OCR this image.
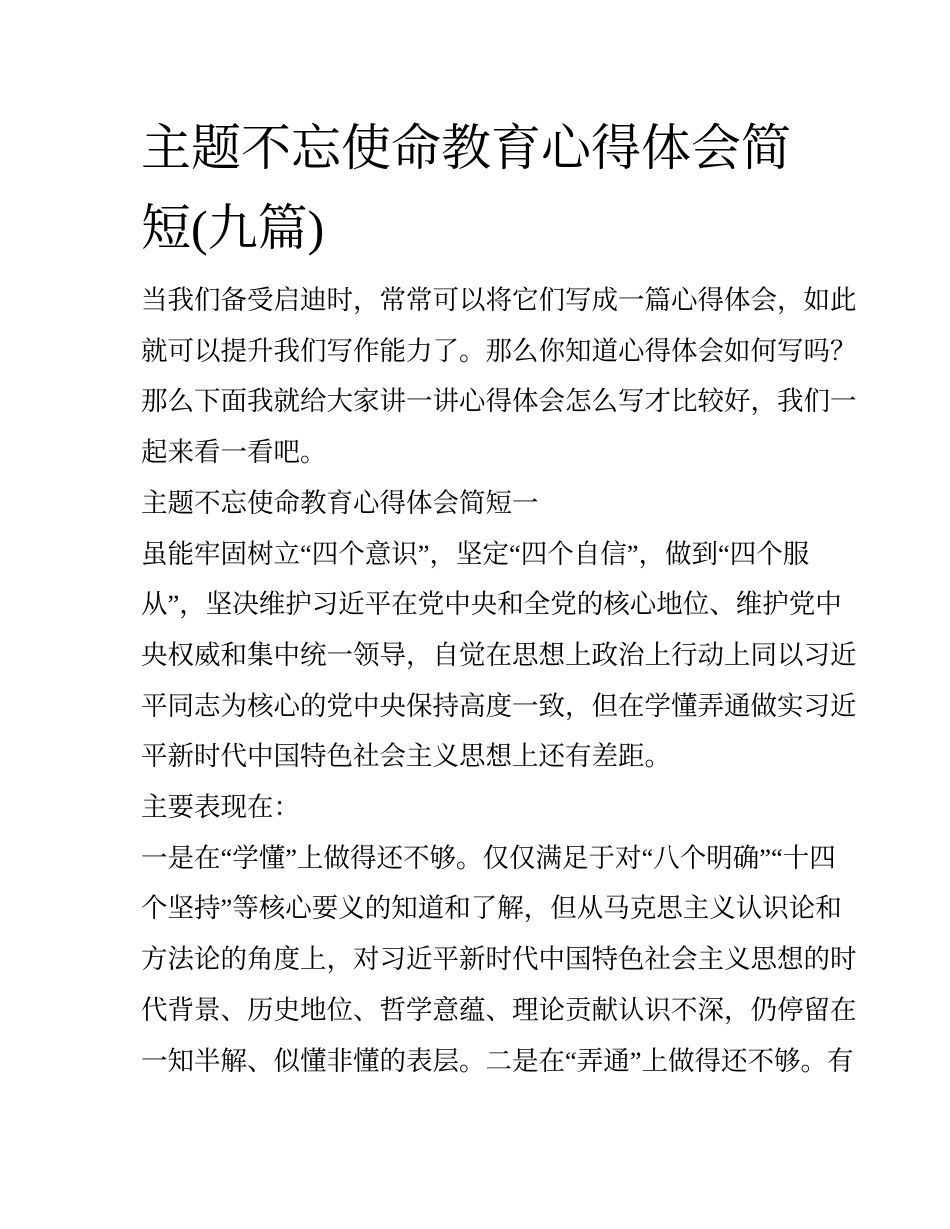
主题不忘使命教育心得体会简
短(九篇)
当我们备受启迪时，常常可以将它们写成一篇心得体会，如此
就可以提升我们写作能力了。那么你知道心得体会如何写吗？
那么下面我就给大家讲一讲心得体会怎么写才比较好，我们一
起来看一看吧。
主题不忘使命教育心得体会简短一
虽能牢固树立“四个意识”，坚定“四个自信”，做到“四个服
从”，坚决维护习近平在党中央和全党的核心地位、维护党中
央权威和集中统一领导，自觉在思想上政治上行动上同以习近
平同志为核心的党中央保持高度一致，但在学懂弄通做实习近
平新时代中国特色社会主义思想上还有差距。
主要表现在：
一是在“学懂”上做得还不够。仅仅满足于对“八个明确”“十四
个坚持”等核心要义的知道和了解，但从马克思主义认识论和
方法论的角度上，对习近平新时代中国特色社会主义思想的时
代背景、历史地位、哲学意蕴、理论贡献认识不深，仍停留在
一知半解、似懂非懂的表层。二是在“弄通”上做得还不够。有
